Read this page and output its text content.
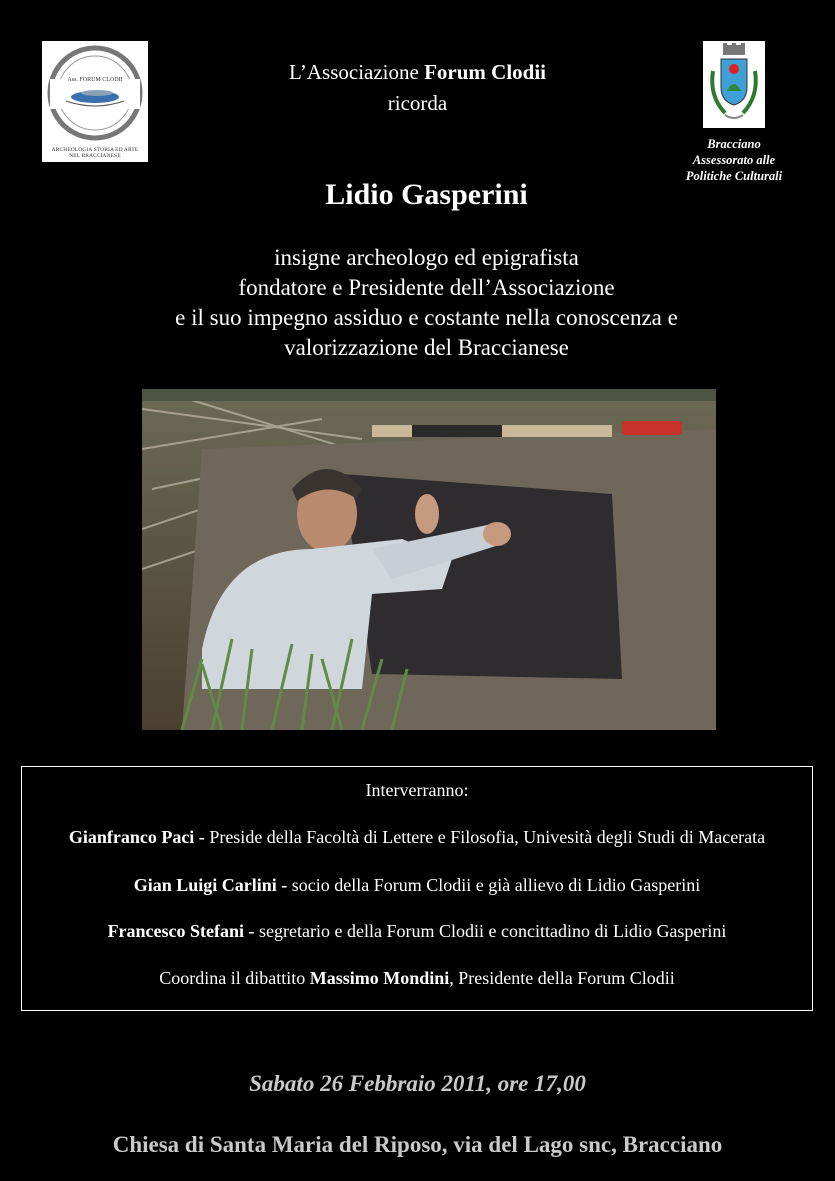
Ass. FORUM CLODII
ARCHEOLOGIA STORIA ED ARTE
NEL BRACCIANESE
Bracciano
Assessorato alle
Politiche Culturali
L’Associazione Forum Clodii
ricorda
Lidio Gasperini
insigne archeologo ed epigrafista
fondatore e Presidente dell’Associazione
e il suo impegno assiduo e costante nella conoscenza e
valorizzazione del Braccianese
Interverranno:
Gianfranco Paci - Preside della Facoltà di Lettere e Filosofia, Univesità degli Studi di Macerata
Gian Luigi Carlini - socio della Forum Clodii e già allievo di Lidio Gasperini
Francesco Stefani - segretario e della Forum Clodii e concittadino di Lidio Gasperini
Coordina il dibattito Massimo Mondini, Presidente della Forum Clodii
Sabato 26 Febbraio 2011, ore 17,00
Chiesa di Santa Maria del Riposo, via del Lago snc, Bracciano
